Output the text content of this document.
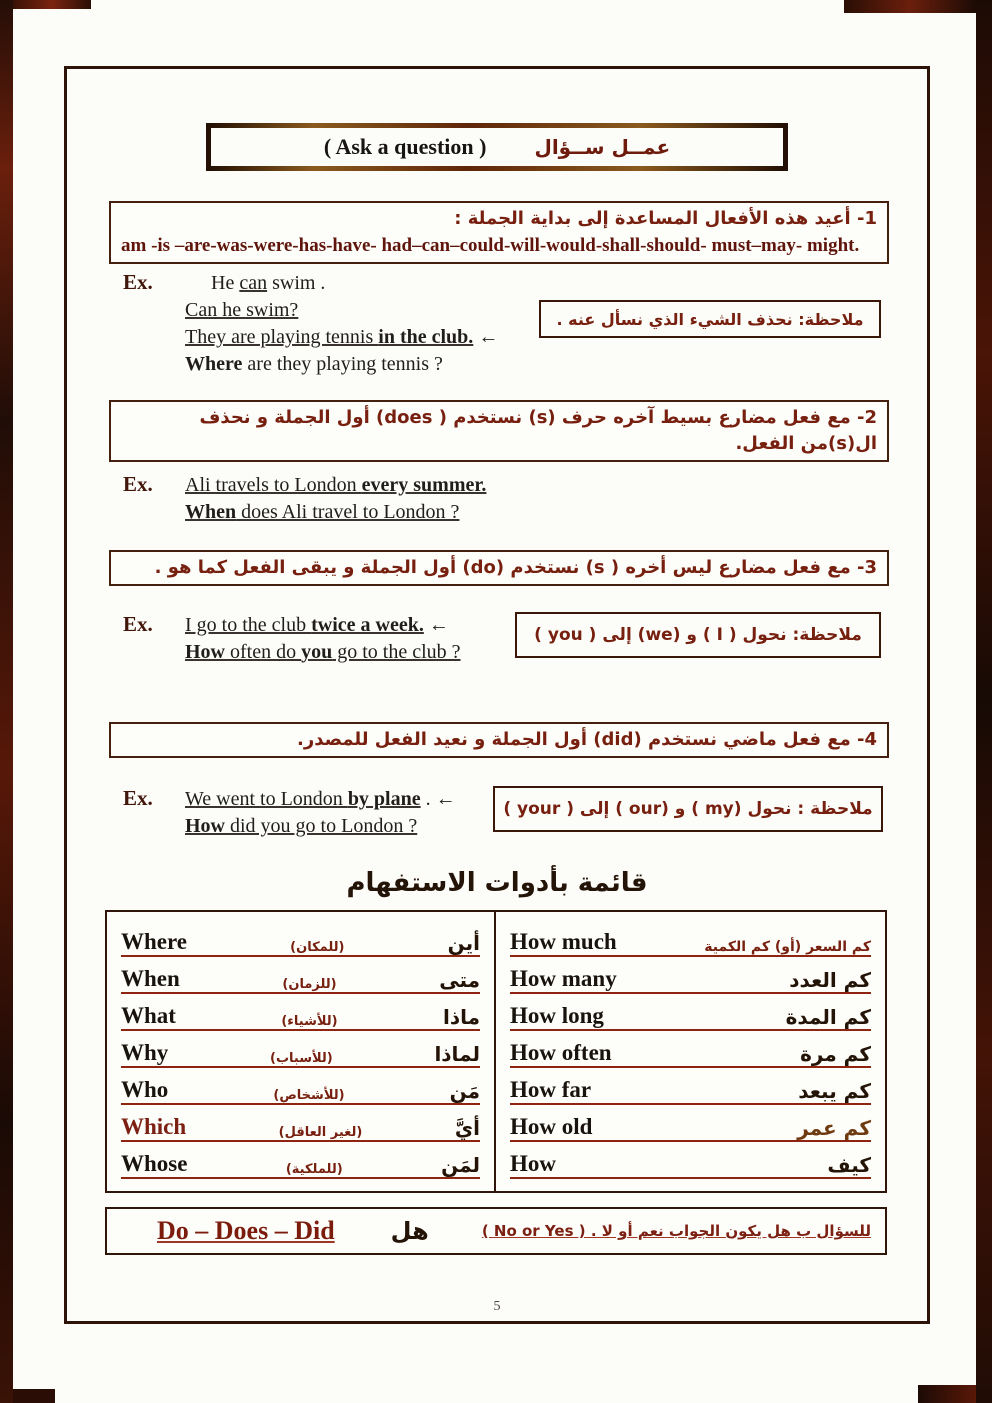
( Ask a question ) عمــل ســؤال
1- أعيد هذه الأفعال المساعدة إلى بداية الجملة :
am -is –are-was-were-has-have- had–can–could-will-would-shall-should- must–may- might.
Ex.	He can swim .
Can he swim?
They are playing tennis in the club. ←
Where are they playing tennis ?
ملاحظة: نحذف الشيء الذي نسأل عنه .
2- مع فعل مضارع بسيط آخره حرف (s) نستخدم ( does) أول الجملة و نحذف ال(s)من الفعل.
Ex.	Ali travels to London every summer.
When does Ali travel to London ?
3- مع فعل مضارع ليس أخره ( s) نستخدم (do) أول الجملة و يبقى الفعل كما هو .
Ex.	I go to the club twice a week. ←
How often do you go to the club ?
ملاحظة: نحول ( I ) و (we) إلى ( you )
4- مع فعل ماضي نستخدم (did) أول الجملة و نعيد الفعل للمصدر.
Ex.	We went to London by plane . ←
How did you go to London ?
ملاحظة : نحول (my ) و (our ) إلى ( your )
قائمة بأدوات الاستفهام
Where	(للمكان)	أين
When	(للزمان)	متى
What	(للأشياء)	ماذا
Why	(للأسباب)	لماذا
Who	(للأشخاص)	مَن
Which	(لغير العاقل)	أيَّ
Whose	(للملكية)	لمَن
How much	كم السعر (أو) كم الكمية
How many	كم العدد
How long	كم المدة
How often	كم مرة
How far	كم يبعد
How old	كم عمر
How	كيف
Do – Does – Did هل	للسؤال ب هل يكون الجواب نعم أو لا . ( No or Yes )
5
